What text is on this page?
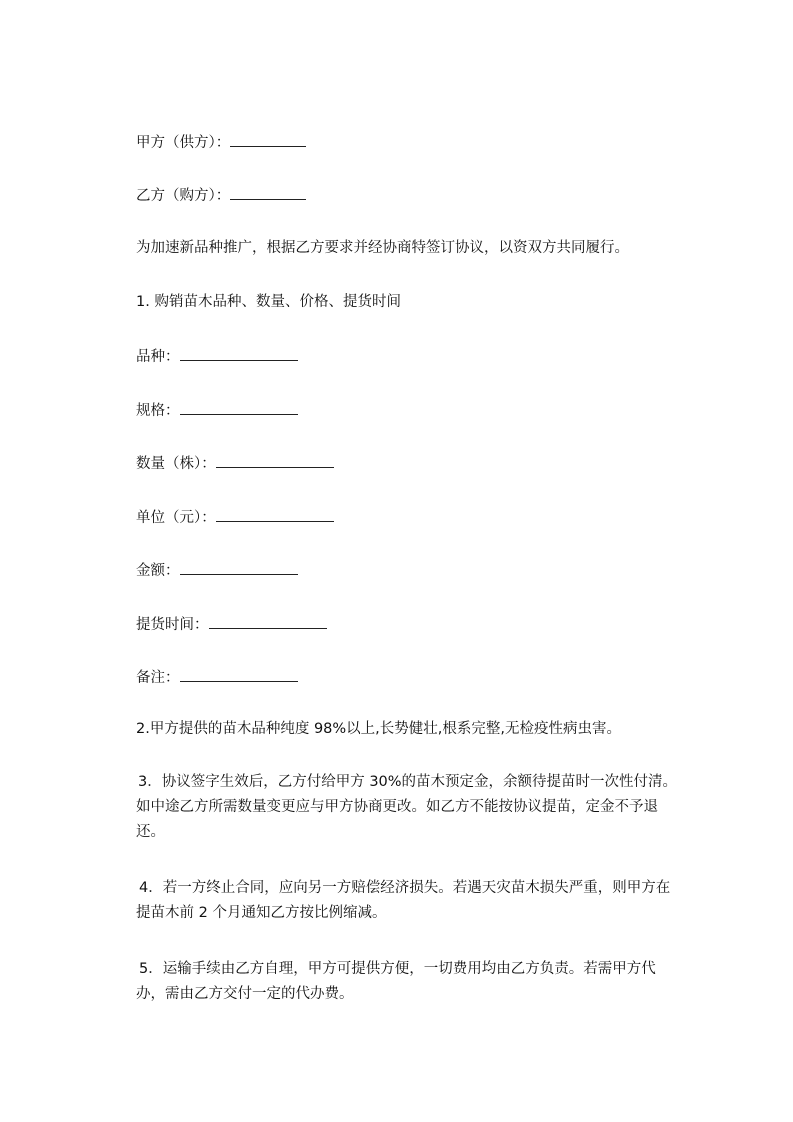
甲方（供方）：
乙方（购方）：
为加速新品种推广，根据乙方要求并经协商特签订协议，以资双方共同履行。
1. 购销苗木品种、数量、价格、提货时间
品种：
规格：
数量（株）：
单位（元）：
金额：
提货时间：
备注：
2.甲方提供的苗木品种纯度 98%以上,长势健壮,根系完整,无检疫性病虫害。
3．协议签字生效后，乙方付给甲方 30%的苗木预定金，余额待提苗时一次性付清。如中途乙方所需数量变更应与甲方协商更改。如乙方不能按协议提苗，定金不予退还。
4．若一方终止合同，应向另一方赔偿经济损失。若遇天灾苗木损失严重，则甲方在提苗木前 2 个月通知乙方按比例缩减。
5．运输手续由乙方自理，甲方可提供方便，一切费用均由乙方负责。若需甲方代办，需由乙方交付一定的代办费。
